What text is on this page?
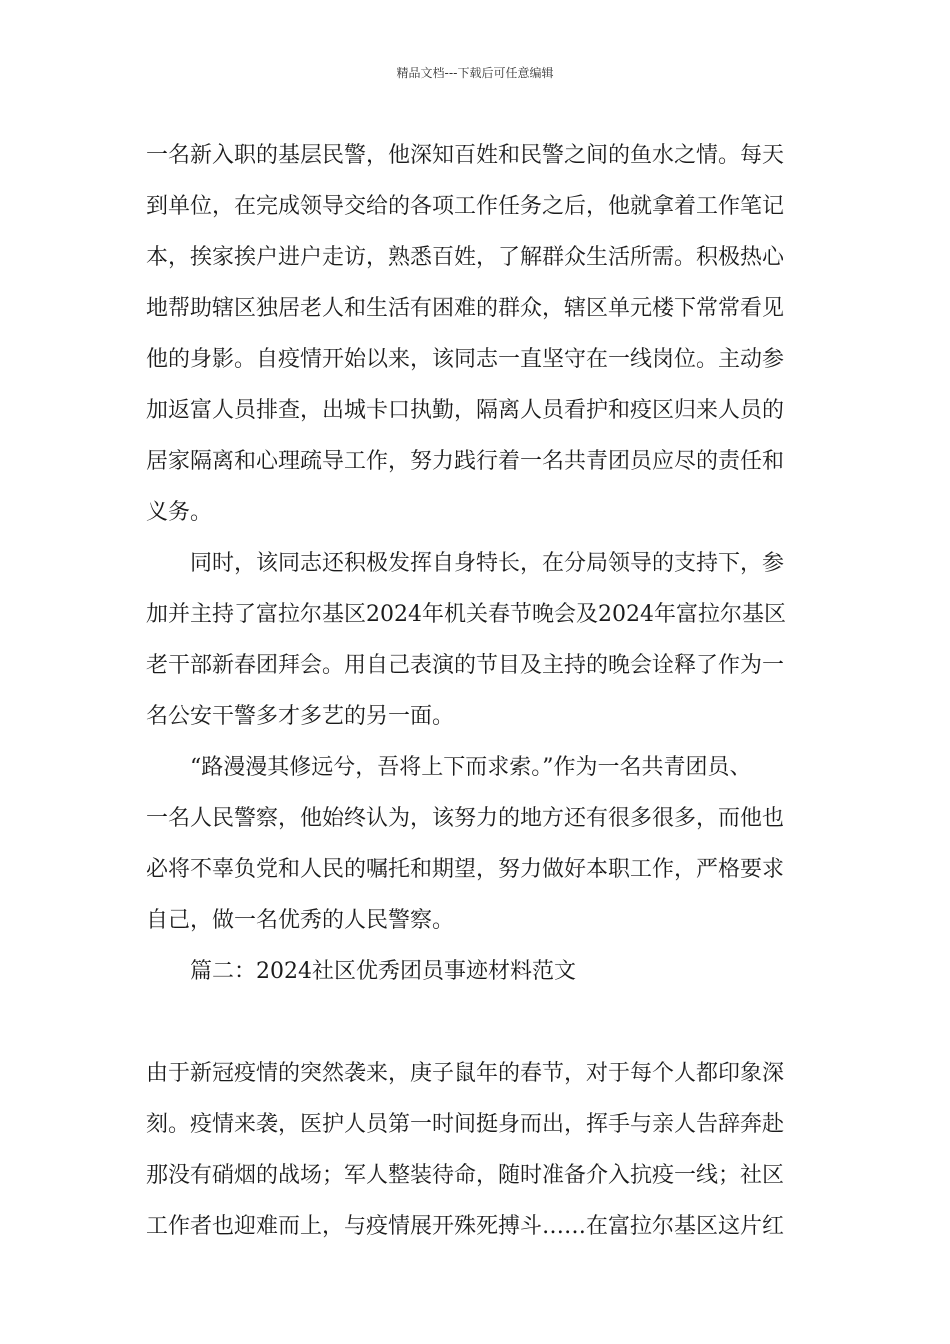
精品文档---下载后可任意编辑
一名新入职的基层民警，他深知百姓和民警之间的鱼水之情。每天
到单位，在完成领导交给的各项工作任务之后，他就拿着工作笔记
本，挨家挨户进户走访，熟悉百姓，了解群众生活所需。积极热心
地帮助辖区独居老人和生活有困难的群众，辖区单元楼下常常看见
他的身影。自疫情开始以来，该同志一直坚守在一线岗位。主动参
加返富人员排查，出城卡口执勤，隔离人员看护和疫区归来人员的
居家隔离和心理疏导工作，努力践行着一名共青团员应尽的责任和
义务。
　　同时，该同志还积极发挥自身特长，在分局领导的支持下，参
加并主持了富拉尔基区2024年机关春节晚会及2024年富拉尔基区
老干部新春团拜会。用自己表演的节目及主持的晚会诠释了作为一
名公安干警多才多艺的另一面。
　　“路漫漫其修远兮，吾将上下而求索。”作为一名共青团员、
一名人民警察，他始终认为，该努力的地方还有很多很多，而他也
必将不辜负党和人民的嘱托和期望，努力做好本职工作，严格要求
自己，做一名优秀的人民警察。
　　篇二：2024社区优秀团员事迹材料范文
由于新冠疫情的突然袭来，庚子鼠年的春节，对于每个人都印象深
刻。疫情来袭，医护人员第一时间挺身而出，挥手与亲人告辞奔赴
那没有硝烟的战场；军人整装待命，随时准备介入抗疫一线；社区
工作者也迎难而上，与疫情展开殊死搏斗……在富拉尔基区这片红
